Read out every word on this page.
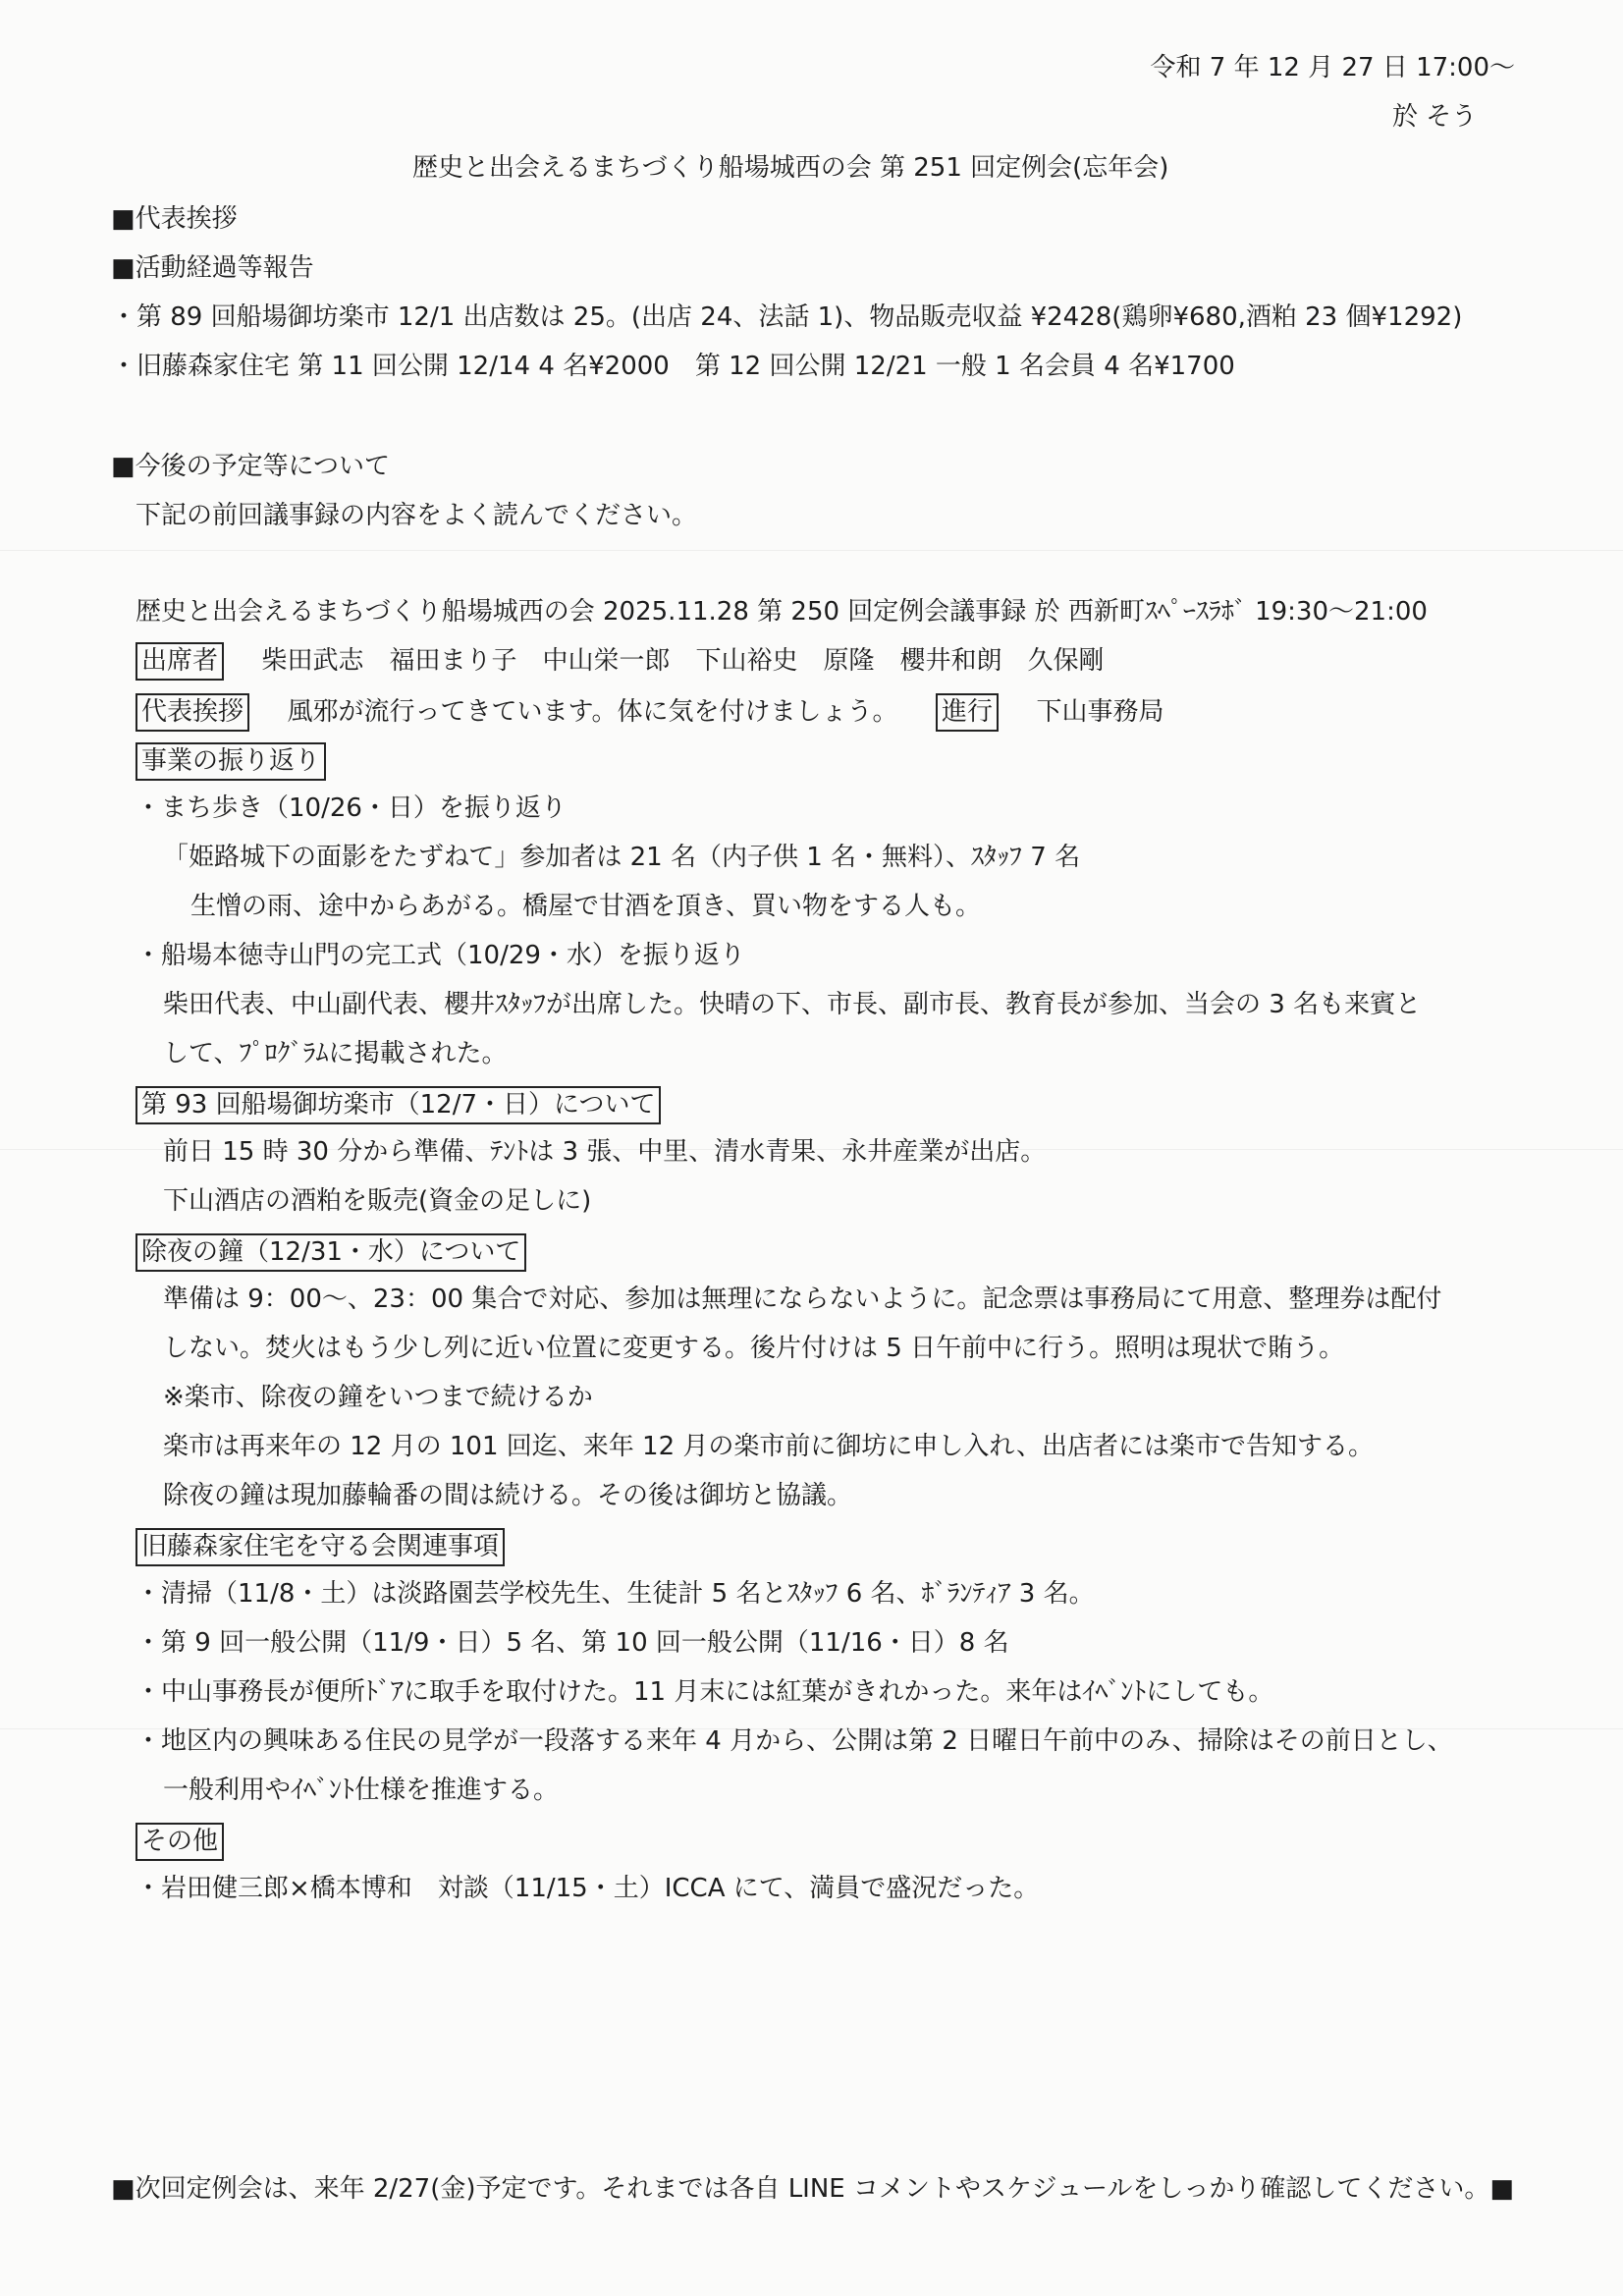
令和 7 年 12 月 27 日 17:00～
於 そう
歴史と出会えるまちづくり船場城西の会 第 251 回定例会(忘年会)
■代表挨拶
■活動経過等報告
・第 89 回船場御坊楽市 12/1 出店数は 25。(出店 24、法話 1)、物品販売収益 ¥2428(鶏卵¥680,酒粕 23 個¥1292)
・旧藤森家住宅 第 11 回公開 12/14 4 名¥2000　第 12 回公開 12/21 一般 1 名会員 4 名¥1700
■今後の予定等について
下記の前回議事録の内容をよく読んでください。
歴史と出会えるまちづくり船場城西の会 2025.11.28 第 250 回定例会議事録 於 西新町ｽﾍﾟｰｽﾗﾎﾞ 19:30～21:00
出席者 柴田武志　福田まり子　中山栄一郎　下山裕史　原隆　櫻井和朗　久保剛
代表挨拶 風邪が流行ってきています。体に気を付けましょう。 進行 下山事務局
事業の振り返り
・まち歩き（10/26・日）を振り返り
「姫路城下の面影をたずねて」参加者は 21 名（内子供 1 名・無料）、ｽﾀｯﾌ 7 名
生憎の雨、途中からあがる。橋屋で甘酒を頂き、買い物をする人も。
・船場本徳寺山門の完工式（10/29・水）を振り返り
柴田代表、中山副代表、櫻井ｽﾀｯﾌが出席した。快晴の下、市長、副市長、教育長が参加、当会の 3 名も来賓と
して、ﾌﾟﾛｸﾞﾗﾑに掲載された。
第 93 回船場御坊楽市（12/7・日）について
前日 15 時 30 分から準備、ﾃﾝﾄは 3 張、中里、清水青果、永井産業が出店。
下山酒店の酒粕を販売(資金の足しに)
除夜の鐘（12/31・水）について
準備は 9：00～、23：00 集合で対応、参加は無理にならないように。記念票は事務局にて用意、整理券は配付
しない。焚火はもう少し列に近い位置に変更する。後片付けは 5 日午前中に行う。照明は現状で賄う。
※楽市、除夜の鐘をいつまで続けるか
楽市は再来年の 12 月の 101 回迄、来年 12 月の楽市前に御坊に申し入れ、出店者には楽市で告知する。
除夜の鐘は現加藤輪番の間は続ける。その後は御坊と協議。
旧藤森家住宅を守る会関連事項
・清掃（11/8・土）は淡路園芸学校先生、生徒計 5 名とｽﾀｯﾌ 6 名、ﾎﾞﾗﾝﾃｨｱ 3 名。
・第 9 回一般公開（11/9・日）5 名、第 10 回一般公開（11/16・日）8 名
・中山事務長が便所ﾄﾞｱに取手を取付けた。11 月末には紅葉がきれかった。来年はｲﾍﾞﾝﾄにしても。
・地区内の興味ある住民の見学が一段落する来年 4 月から、公開は第 2 日曜日午前中のみ、掃除はその前日とし、
一般利用やｲﾍﾞﾝﾄ仕様を推進する。
その他
・岩田健三郎×橋本博和　対談（11/15・土）ICCA にて、満員で盛況だった。
■次回定例会は、来年 2/27(金)予定です。それまでは各自 LINE コメントやスケジュールをしっかり確認してください。■
